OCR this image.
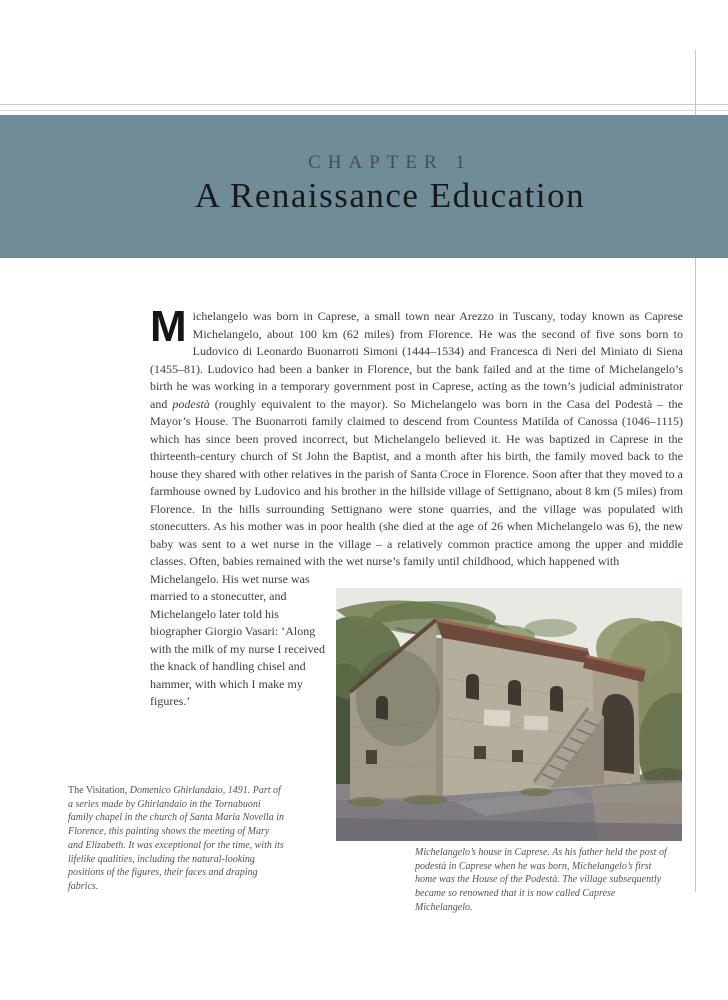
CHAPTER 1
A Renaissance Education
Michelangelo was born in Caprese, a small town near Arezzo in Tuscany, today known as Caprese Michelangelo, about 100 km (62 miles) from Florence. He was the second of five sons born to Ludovico di Leonardo Buonarroti Simoni (1444–1534) and Francesca di Neri del Miniato di Siena (1455–81). Ludovico had been a banker in Florence, but the bank failed and at the time of Michelangelo’s birth he was working in a temporary government post in Caprese, acting as the town’s judicial administrator and podestà (roughly equivalent to the mayor). So Michelangelo was born in the Casa del Podestà – the Mayor’s House. The Buonarroti family claimed to descend from Countess Matilda of Canossa (1046–1115) which has since been proved incorrect, but Michelangelo believed it. He was baptized in Caprese in the thirteenth-century church of St John the Baptist, and a month after his birth, the family moved back to the house they shared with other relatives in the parish of Santa Croce in Florence. Soon after that they moved to a farmhouse owned by Ludovico and his brother in the hillside village of Settignano, about 8 km (5 miles) from Florence. In the hills surrounding Settignano were stone quarries, and the village was populated with stonecutters. As his mother was in poor health (she died at the age of 26 when Michelangelo was 6), the new baby was sent to a wet nurse in the village – a relatively common practice among the upper and middle classes. Often, babies remained with the wet nurse’s family until childhood, which happened with
Michelangelo. His wet nurse was married to a stonecutter, and Michelangelo later told his biographer Giorgio Vasari: ‘Along with the milk of my nurse I received the knack of handling chisel and hammer, with which I make my figures.’
The Visitation, Domenico Ghirlandaio, 1491. Part of a series made by Ghirlandaio in the Tornabuoni family chapel in the church of Santa Maria Novella in Florence, this painting shows the meeting of Mary and Elizabeth. It was exceptional for the time, with its lifelike qualities, including the natural-looking positions of the figures, their faces and draping fabrics.
Michelangelo’s house in Caprese. As his father held the post of podestà in Caprese when he was born, Michelangelo’s first home was the House of the Podestà. The village subsequently became so renowned that it is now called Caprese Michelangelo.
